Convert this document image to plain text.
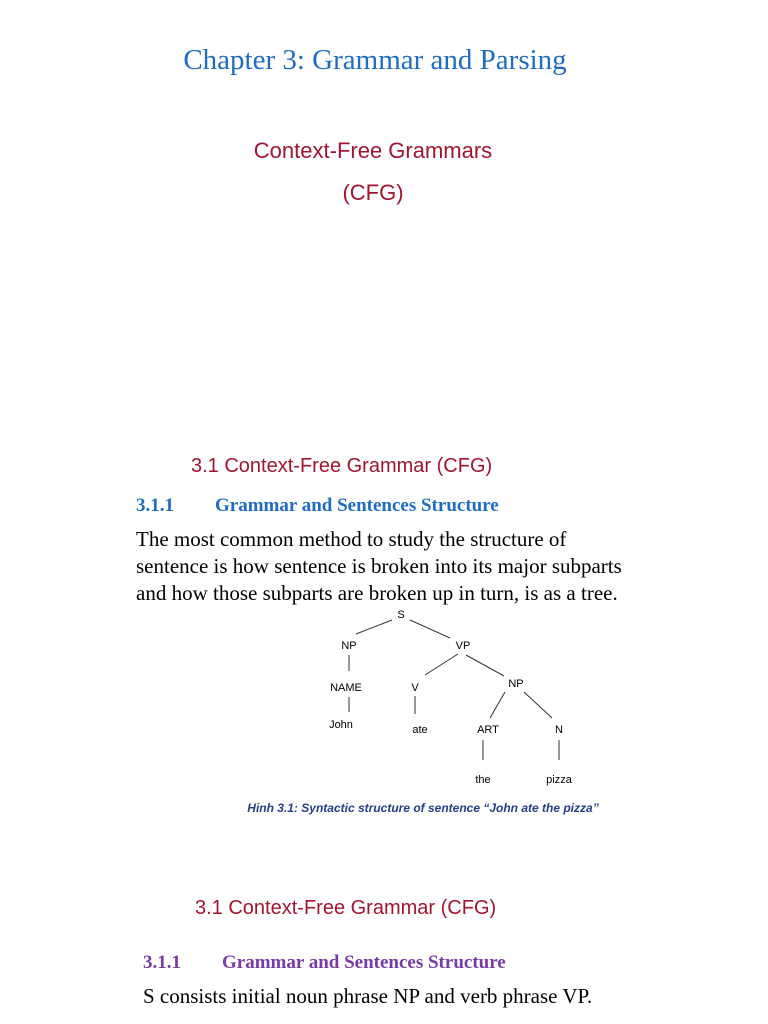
Chapter 3: Grammar and Parsing
Context-Free Grammars
(CFG)
3.1 Context-Free Grammar (CFG)
3.1.1 Grammar and Sentences Structure
The most common method to study the structure of sentence is how sentence is broken into its major subparts and how those subparts are broken up in turn, is as a tree.
S
NP	VP
NAME	V	NP
John	ate	ART	N
the	pizza
Hinh 3.1: Syntactic structure of sentence “John ate the pizza”
3.1 Context-Free Grammar (CFG)
3.1.1 Grammar and Sentences Structure
S consists initial noun phrase NP and verb phrase VP.
